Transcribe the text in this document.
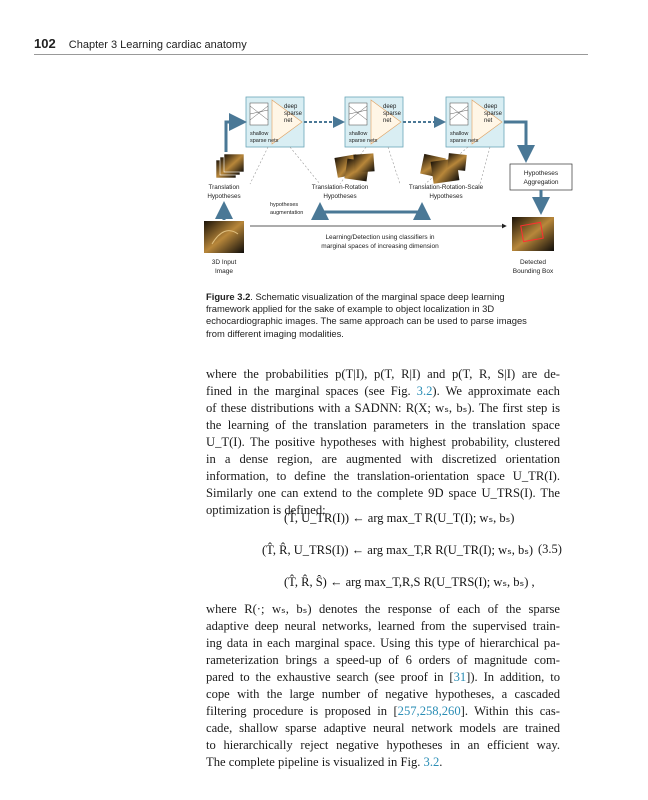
102 Chapter 3 Learning cardiac anatomy
deep
sparse
net
shallow
sparse nets
deep
sparse
net
shallow
sparse nets
deep
sparse
net
shallow
sparse nets
Hypotheses
Aggregation
Translation
Hypotheses
Translation-Rotation
Hypotheses
Translation-Rotation-Scale
Hypotheses
hypotheses
augmentation
Learning/Detection using classifiers in
marginal spaces of increasing dimension
3D Input
Image
Detected
Bounding Box
Figure 3.2. Schematic visualization of the marginal space deep learning
framework applied for the sake of example to object localization in 3D
echocardiographic images. The same approach can be used to parse images
from different imaging modalities.
where the probabilities p(T|I), p(T, R|I) and p(T, R, S|I) are de-
fined in the marginal spaces (see Fig. 3.2). We approximate each
of these distributions with a SADNN: R(X; wₛ, bₛ). The first step is
the learning of the translation parameters in the translation space
U_T(I). The positive hypotheses with highest probability, clustered
in a dense region, are augmented with discretized orientation
information, to define the translation-orientation space U_TR(I).
Similarly one can extend to the complete 9D space U_TRS(I). The
optimization is defined:
(T̂, U_TR(I)) ← arg max_T R(U_T(I); wₛ, bₛ)
(T̂, R̂, U_TRS(I)) ← arg max_T,R R(U_TR(I); wₛ, bₛ)
(T̂, R̂, Ŝ) ← arg max_T,R,S R(U_TRS(I); wₛ, bₛ) ,
(3.5)
where R(·; wₛ, bₛ) denotes the response of each of the sparse
adaptive deep neural networks, learned from the supervised train-
ing data in each marginal space. Using this type of hierarchical pa-
rameterization brings a speed-up of 6 orders of magnitude com-
pared to the exhaustive search (see proof in [31]). In addition, to
cope with the large number of negative hypotheses, a cascaded
filtering procedure is proposed in [257,258,260]. Within this cas-
cade, shallow sparse adaptive neural network models are trained
to hierarchically reject negative hypotheses in an efficient way.
The complete pipeline is visualized in Fig. 3.2.
